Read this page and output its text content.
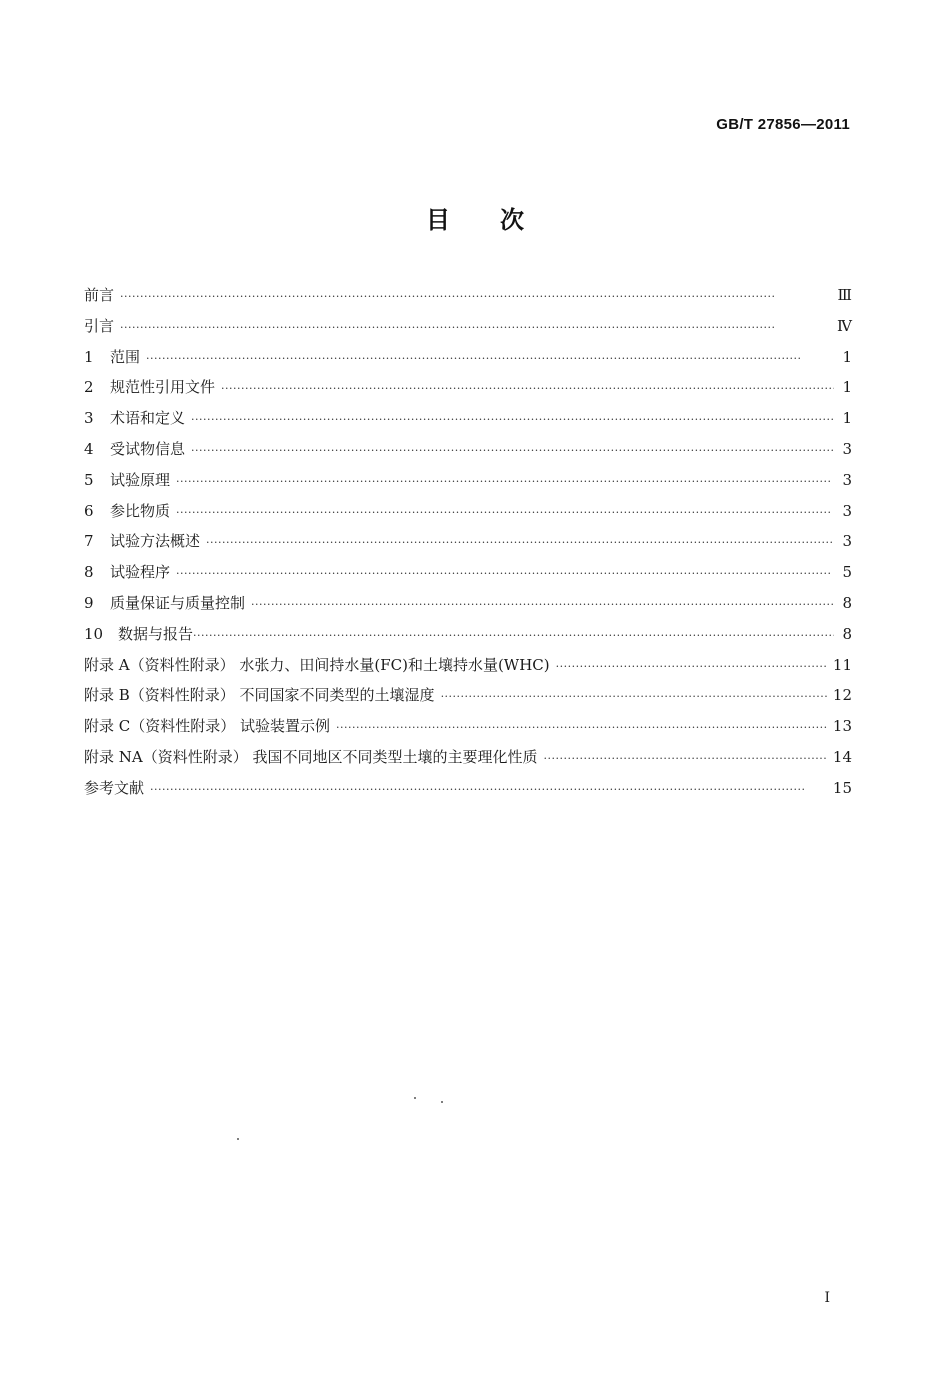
GB/T 27856—2011
目 次
前言 ·····	Ⅲ
引言 ·····	Ⅳ
1	范围 ·····	1
2	规范性引用文件 ·····	1
3	术语和定义 ·····	1
4	受试物信息 ·····	3
5	试验原理 ·····	3
6	参比物质 ·····	3
7	试验方法概述 ·····	3
8	试验程序 ·····	5
9	质量保证与质量控制 ·····	8
10 数据与报告 ·····	8
附录 A（资料性附录） 水张力、田间持水量(FC)和土壤持水量(WHC) ·····	11
附录 B（资料性附录） 不同国家不同类型的土壤湿度 ·····	12
附录 C（资料性附录） 试验装置示例 ·····	13
附录 NA（资料性附录） 我国不同地区不同类型土壤的主要理化性质 ·····	14
参考文献 ·····	15
I
